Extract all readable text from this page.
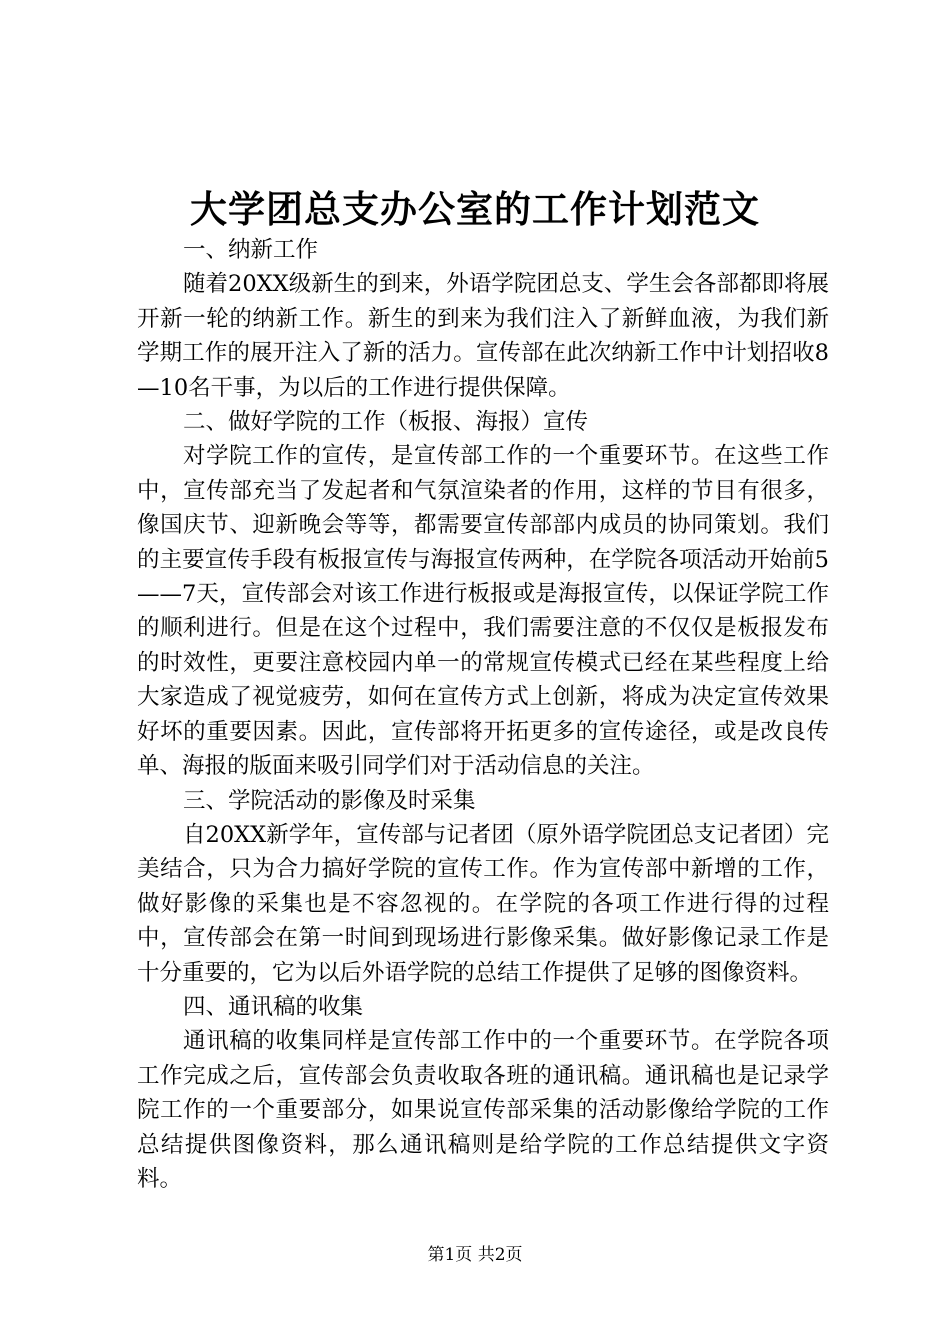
大学团总支办公室的工作计划范文

一、纳新工作

随着20XX级新生的到来，外语学院团总支、学生会各部都即将展开新一轮的纳新工作。新生的到来为我们注入了新鲜血液，为我们新学期工作的展开注入了新的活力。宣传部在此次纳新工作中计划招收8—10名干事，为以后的工作进行提供保障。

二、做好学院的工作（板报、海报）宣传

对学院工作的宣传，是宣传部工作的一个重要环节。在这些工作中，宣传部充当了发起者和气氛渲染者的作用，这样的节目有很多，像国庆节、迎新晚会等等，都需要宣传部部内成员的协同策划。我们的主要宣传手段有板报宣传与海报宣传两种，在学院各项活动开始前5——7天，宣传部会对该工作进行板报或是海报宣传，以保证学院工作的顺利进行。但是在这个过程中，我们需要注意的不仅仅是板报发布的时效性，更要注意校园内单一的常规宣传模式已经在某些程度上给大家造成了视觉疲劳，如何在宣传方式上创新，将成为决定宣传效果好坏的重要因素。因此，宣传部将开拓更多的宣传途径，或是改良传单、海报的版面来吸引同学们对于活动信息的关注。

三、学院活动的影像及时采集

自20XX新学年，宣传部与记者团（原外语学院团总支记者团）完美结合，只为合力搞好学院的宣传工作。作为宣传部中新增的工作，做好影像的采集也是不容忽视的。在学院的各项工作进行得的过程中，宣传部会在第一时间到现场进行影像采集。做好影像记录工作是十分重要的，它为以后外语学院的总结工作提供了足够的图像资料。

四、通讯稿的收集

通讯稿的收集同样是宣传部工作中的一个重要环节。在学院各项工作完成之后，宣传部会负责收取各班的通讯稿。通讯稿也是记录学院工作的一个重要部分，如果说宣传部采集的活动影像给学院的工作总结提供图像资料，那么通讯稿则是给学院的工作总结提供文字资料。

第1页 共2页
